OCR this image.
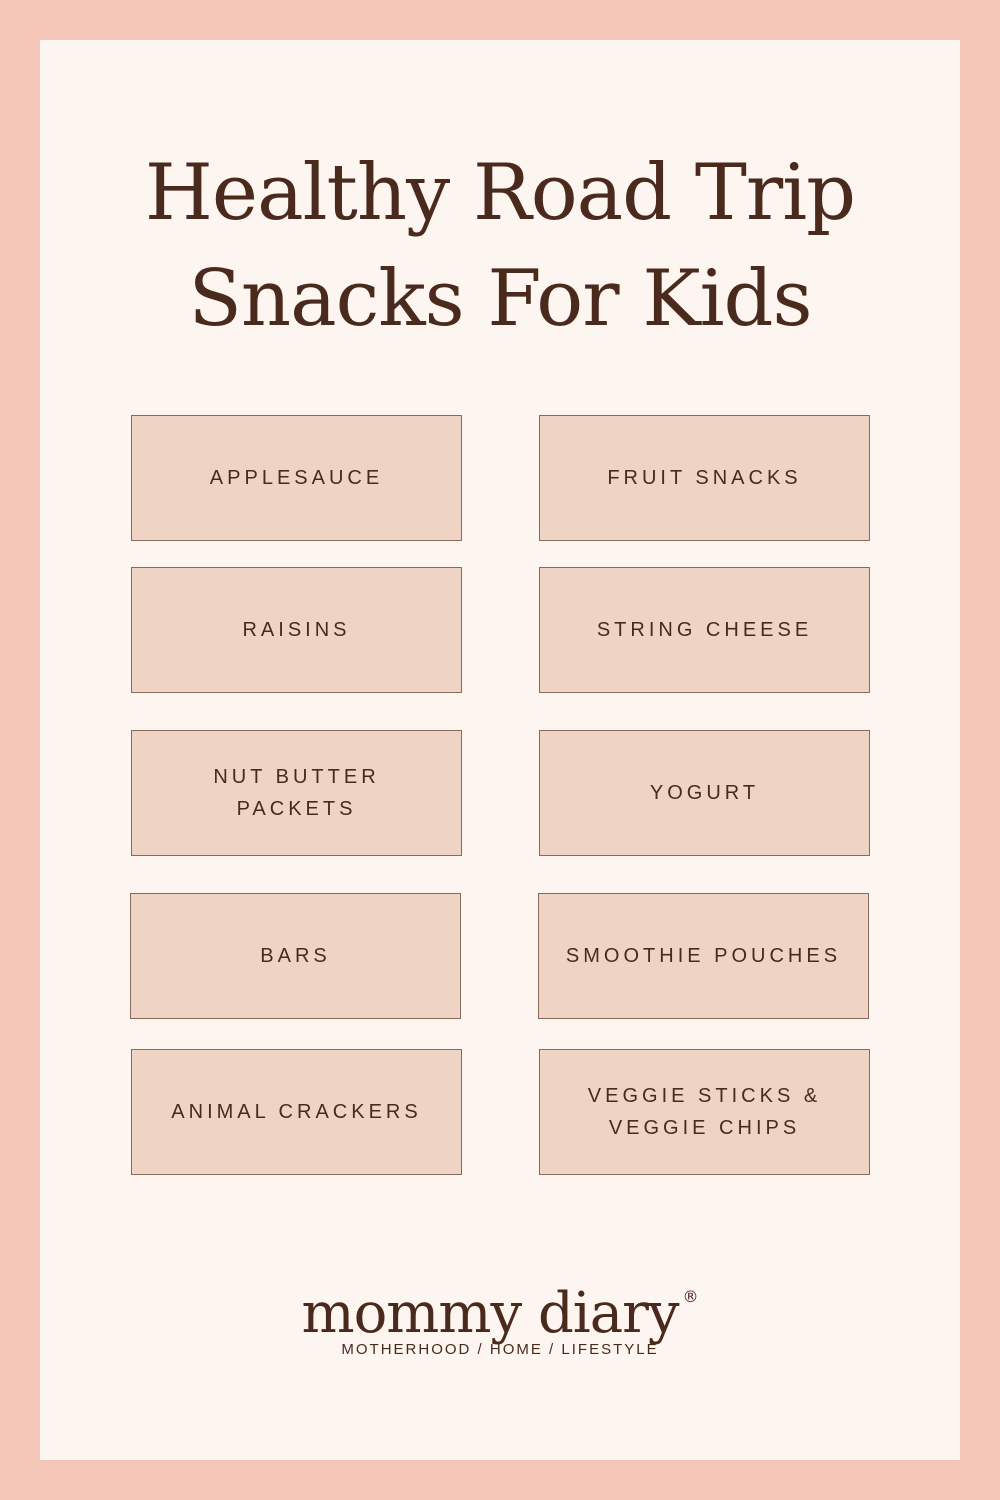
Healthy Road Trip
Snacks For Kids
APPLESAUCE	FRUIT SNACKS
RAISINS	STRING CHEESE
NUT BUTTER PACKETS
YOGURT
BARS	SMOOTHIE POUCHES
ANIMAL CRACKERS
VEGGIE STICKS & VEGGIE CHIPS
mommy diary ®
MOTHERHOOD / HOME / LIFESTYLE
